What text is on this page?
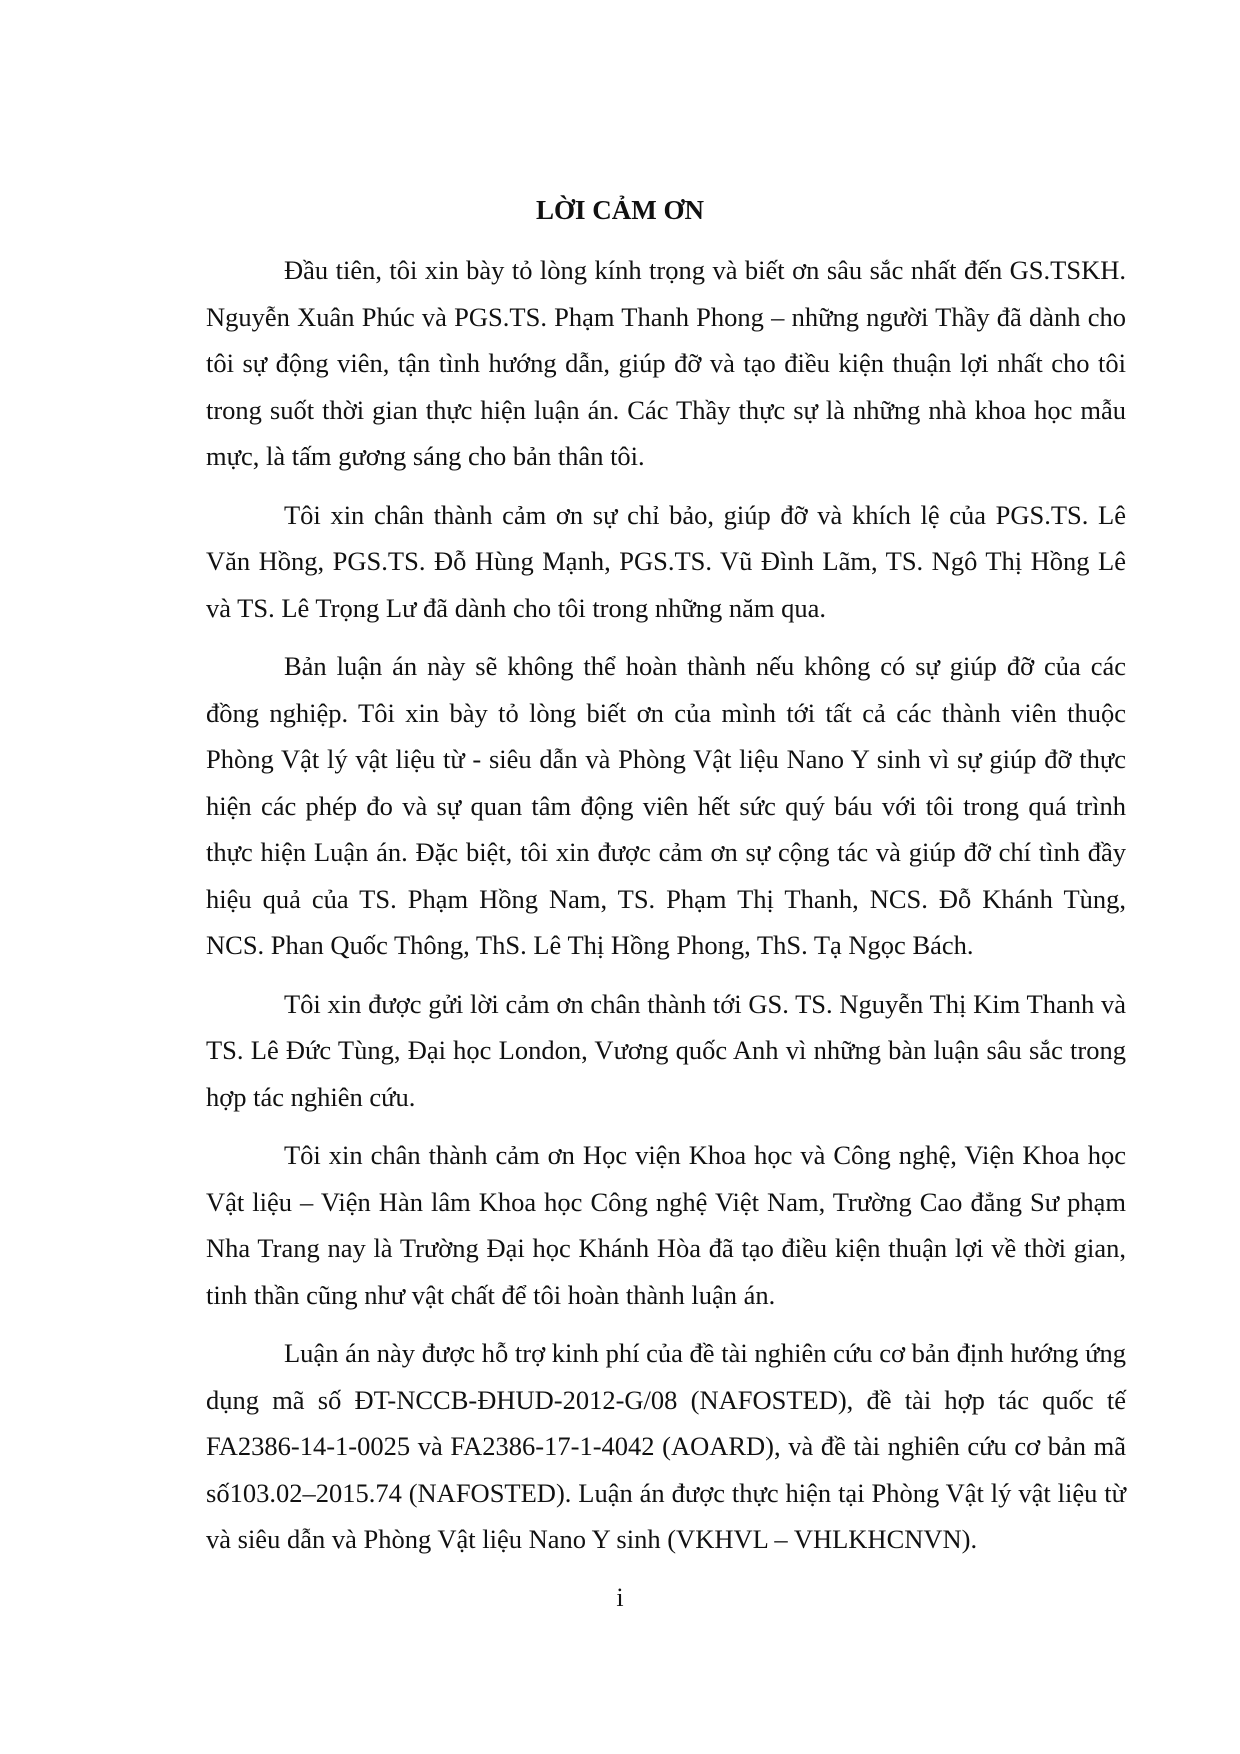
LỜI CẢM ƠN

Đầu tiên, tôi xin bày tỏ lòng kính trọng và biết ơn sâu sắc nhất đến GS.TSKH. Nguyễn Xuân Phúc và PGS.TS. Phạm Thanh Phong – những người Thầy đã dành cho tôi sự động viên, tận tình hướng dẫn, giúp đỡ và tạo điều kiện thuận lợi nhất cho tôi trong suốt thời gian thực hiện luận án. Các Thầy thực sự là những nhà khoa học mẫu mực, là tấm gương sáng cho bản thân tôi.

Tôi xin chân thành cảm ơn sự chỉ bảo, giúp đỡ và khích lệ của PGS.TS. Lê Văn Hồng, PGS.TS. Đỗ Hùng Mạnh, PGS.TS. Vũ Đình Lãm, TS. Ngô Thị Hồng Lê và TS. Lê Trọng Lư đã dành cho tôi trong những năm qua.

Bản luận án này sẽ không thể hoàn thành nếu không có sự giúp đỡ của các đồng nghiệp. Tôi xin bày tỏ lòng biết ơn của mình tới tất cả các thành viên thuộc Phòng Vật lý vật liệu từ - siêu dẫn và Phòng Vật liệu Nano Y sinh vì sự giúp đỡ thực hiện các phép đo và sự quan tâm động viên hết sức quý báu với tôi trong quá trình thực hiện Luận án. Đặc biệt, tôi xin được cảm ơn sự cộng tác và giúp đỡ chí tình đầy hiệu quả của TS. Phạm Hồng Nam, TS. Phạm Thị Thanh, NCS. Đỗ Khánh Tùng, NCS. Phan Quốc Thông, ThS. Lê Thị Hồng Phong, ThS. Tạ Ngọc Bách.

Tôi xin được gửi lời cảm ơn chân thành tới GS. TS. Nguyễn Thị Kim Thanh và TS. Lê Đức Tùng, Đại học London, Vương quốc Anh vì những bàn luận sâu sắc trong hợp tác nghiên cứu.

Tôi xin chân thành cảm ơn Học viện Khoa học và Công nghệ, Viện Khoa học Vật liệu – Viện Hàn lâm Khoa học Công nghệ Việt Nam, Trường Cao đẳng Sư phạm Nha Trang nay là Trường Đại học Khánh Hòa đã tạo điều kiện thuận lợi về thời gian, tinh thần cũng như vật chất để tôi hoàn thành luận án.

Luận án này được hỗ trợ kinh phí của đề tài nghiên cứu cơ bản định hướng ứng dụng mã số ĐT-NCCB-ĐHUD-2012-G/08 (NAFOSTED), đề tài hợp tác quốc tế FA2386-14-1-0025 và FA2386-17-1-4042 (AOARD), và đề tài nghiên cứu cơ bản mã số103.02–2015.74 (NAFOSTED). Luận án được thực hiện tại Phòng Vật lý vật liệu từ và siêu dẫn và Phòng Vật liệu Nano Y sinh (VKHVL – VHLKHCNVN).

i
